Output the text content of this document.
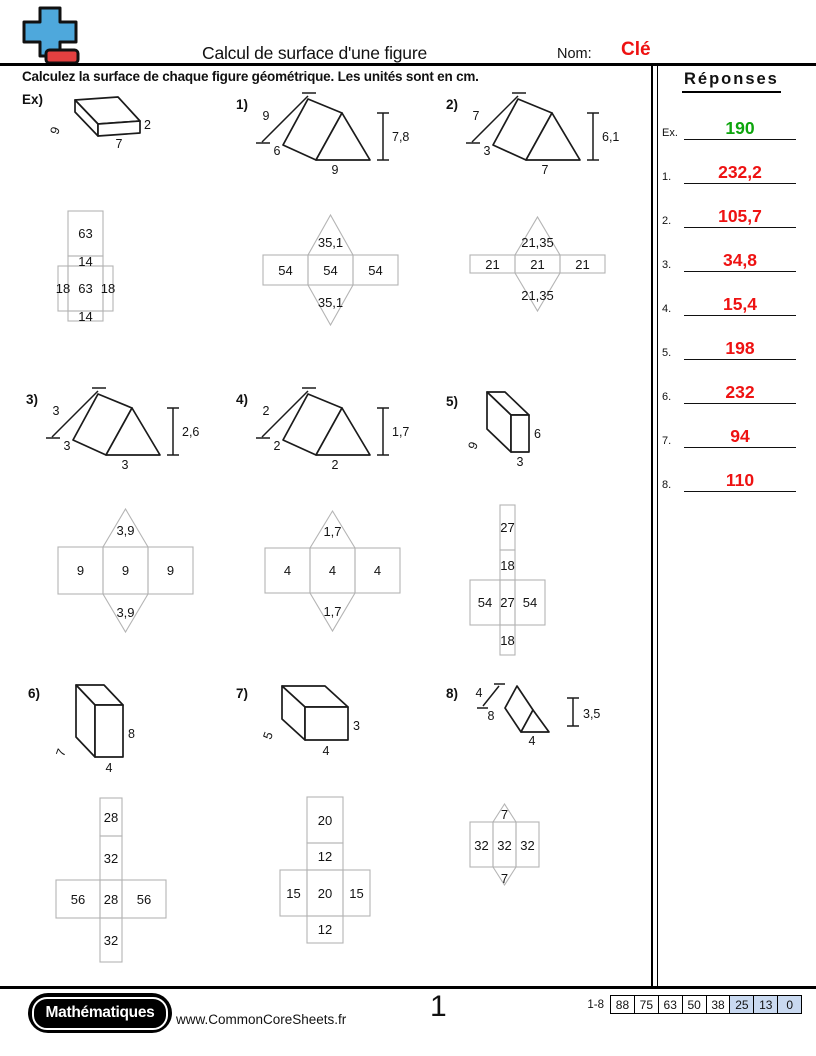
Calcul de surface d'une figure	Nom: Clé
Calculez la surface de chaque figure géométrique. Les unités sont en cm.	Réponses
Ex.	190
1.	232,2
2.	105,7
3.	34,8
4.	15,4
5.	198
6.	232
7.	94
8.	110
Ex)
9	2
7
63
14
18 63 18
14
1)
9
6
9
7,8
35,1
54 54 54
35,1
2)
7
3
7
6,1
21,35
21 21 21
21,35
3)
3
3
3
2,6
3,9
9	9	9
3,9
4)
2
2
2
1,7
1,7
4	4	4
1,7
5)
9
6
3
27
18
54 27 54
18
6)
7
8
4
28
32
56 28 56
32
7)
5
3
4
20
12
15 20 15
12
8) 4
8
4
3,5
7
32 32 32
7
Mathématiques	www.CommonCoreSheets.fr	1	1-8 88 75 63 50 38 25 13	0
